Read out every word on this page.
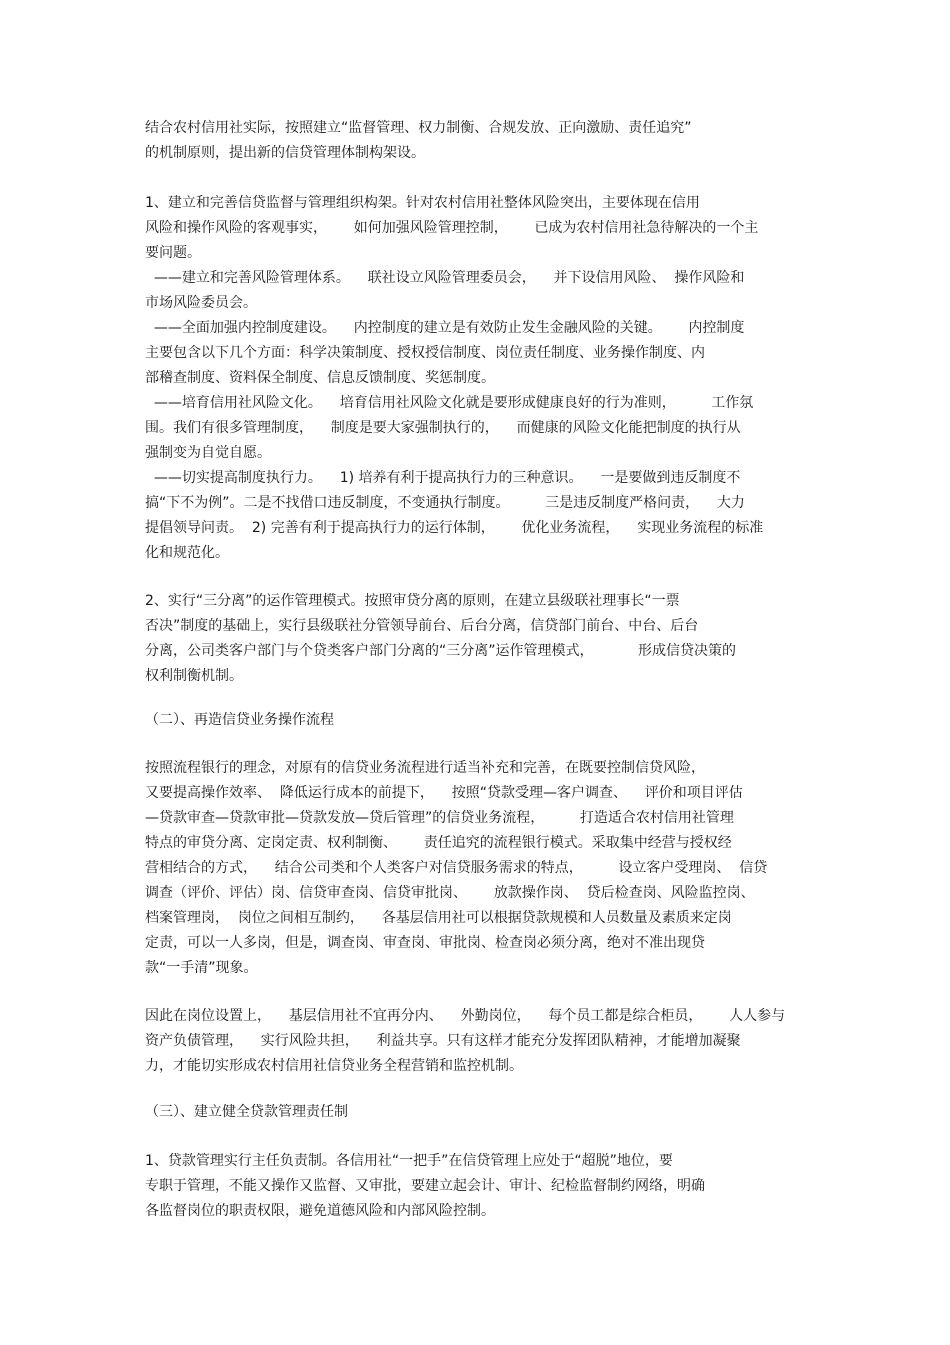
结合农村信用社实际，按照建立“监督管理、权力制衡、合规发放、正向激励、责任追究”

的机制原则，提出新的信贷管理体制构架设。

1、建立和完善信贷监督与管理组织构架。针对农村信用社整体风险突出，主要体现在信用

风险和操作风险的客观事实，      如何加强风险管理控制，      已成为农村信用社急待解决的一个主

要问题。

——建立和完善风险管理体系。    联社设立风险管理委员会，    并下设信用风险、  操作风险和

市场风险委员会。

——全面加强内控制度建设。    内控制度的建立是有效防止发生金融风险的关键。      内控制度

主要包含以下几个方面：科学决策制度、授权授信制度、岗位责任制度、业务操作制度、内

部稽查制度、资料保全制度、信息反馈制度、奖惩制度。

——培育信用社风险文化。    培育信用社风险文化就是要形成健康良好的行为准则，        工作氛

围。我们有很多管理制度，    制度是要大家强制执行的，    而健康的风险文化能把制度的执行从

强制变为自觉自愿。

——切实提高制度执行力。    1) 培养有利于提高执行力的三种意识。    一是要做到违反制度不

搞“下不为例”。二是不找借口违反制度，不变通执行制度。        三是违反制度严格问责，    大力

提倡领导问责。  2) 完善有利于提高执行力的运行体制，      优化业务流程，    实现业务流程的标准

化和规范化。

2、实行“三分离”的运作管理模式。按照审贷分离的原则，在建立县级联社理事长“一票

否决”制度的基础上，实行县级联社分管领导前台、后台分离，信贷部门前台、中台、后台

分离，公司类客户部门与个贷类客户部门分离的“三分离”运作管理模式，          形成信贷决策的

权利制衡机制。

（二）、再造信贷业务操作流程

按照流程银行的理念，对原有的信贷业务流程进行适当补充和完善，在既要控制信贷风险，

又要提高操作效率、  降低运行成本的前提下，    按照“贷款受理—客户调查、    评价和项目评估

—贷款审查—贷款审批—贷款发放—贷后管理”的信贷业务流程，        打造适合农村信用社管理

特点的审贷分离、定岗定责、权利制衡、      责任追究的流程银行模式。采取集中经营与授权经

营相结合的方式，    结合公司类和个人类客户对信贷服务需求的特点，        设立客户受理岗、  信贷

调查（评价、评估）岗、信贷审查岗、信贷审批岗、      放款操作岗、  贷后检查岗、风险监控岗、

档案管理岗，  岗位之间相互制约，    各基层信用社可以根据贷款规模和人员数量及素质来定岗

定责，可以一人多岗，但是，调查岗、审查岗、审批岗、检查岗必须分离，绝对不准出现贷

款“一手清”现象。

因此在岗位设置上，    基层信用社不宜再分内、    外勤岗位，    每个员工都是综合柜员，      人人参与

资产负债管理，    实行风险共担，    利益共享。只有这样才能充分发挥团队精神，才能增加凝聚

力，才能切实形成农村信用社信贷业务全程营销和监控机制。

（三）、建立健全贷款管理责任制

1、贷款管理实行主任负责制。各信用社“一把手”在信贷管理上应处于“超脱”地位，要

专职于管理，不能又操作又监督、又审批，要建立起会计、审计、纪检监督制约网络，明确

各监督岗位的职责权限，避免道德风险和内部风险控制。
